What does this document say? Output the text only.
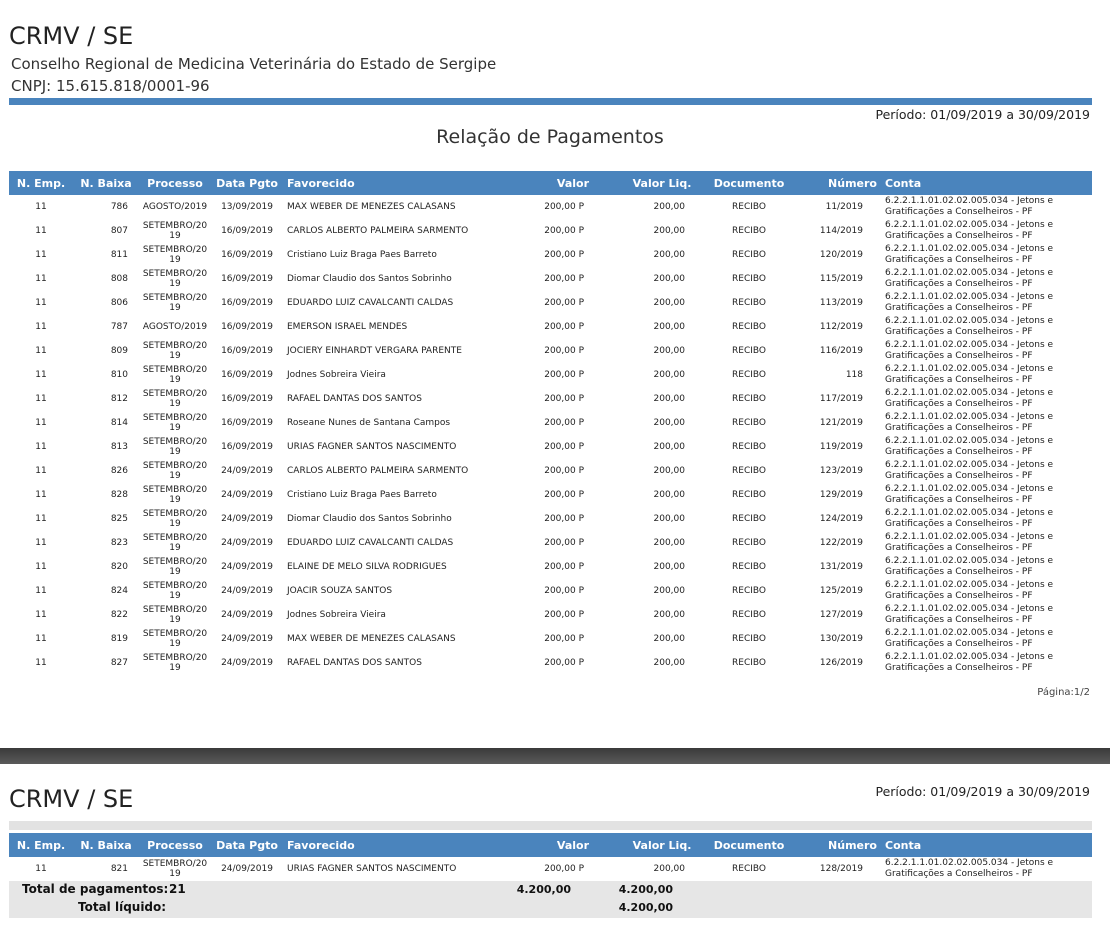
CRMV / SE
Conselho Regional de Medicina Veterinária do Estado de Sergipe
CNPJ: 15.615.818/0001-96
Período: 01/09/2019 a 30/09/2019
Relação de Pagamentos
N. Emp.	N. Baixa	Processo	Data Pgto	Favorecido	Valor	Valor Liq.	Documento	Número	Conta
11	786	AGOSTO/2019	13/09/2019	MAX WEBER DE MENEZES CALASANS	200,00 P	200,00	RECIBO	11/2019	6.2.2.1.1.01.02.02.005.034 - Jetons e Gratificações a Conselheiros - PF
11	807	SETEMBRO/2019	16/09/2019	CARLOS ALBERTO PALMEIRA SARMENTO	200,00 P	200,00	RECIBO	114/2019	6.2.2.1.1.01.02.02.005.034 - Jetons e Gratificações a Conselheiros - PF
11	811	SETEMBRO/2019	16/09/2019	Cristiano Luiz Braga Paes Barreto	200,00 P	200,00	RECIBO	120/2019	6.2.2.1.1.01.02.02.005.034 - Jetons e Gratificações a Conselheiros - PF
11	808	SETEMBRO/2019	16/09/2019	Diomar Claudio dos Santos Sobrinho	200,00 P	200,00	RECIBO	115/2019	6.2.2.1.1.01.02.02.005.034 - Jetons e Gratificações a Conselheiros - PF
11	806	SETEMBRO/2019	16/09/2019	EDUARDO LUIZ CAVALCANTI CALDAS	200,00 P	200,00	RECIBO	113/2019	6.2.2.1.1.01.02.02.005.034 - Jetons e Gratificações a Conselheiros - PF
11	787	AGOSTO/2019	16/09/2019	EMERSON ISRAEL MENDES	200,00 P	200,00	RECIBO	112/2019	6.2.2.1.1.01.02.02.005.034 - Jetons e Gratificações a Conselheiros - PF
11	809	SETEMBRO/2019	16/09/2019	JOCIERY EINHARDT VERGARA PARENTE	200,00 P	200,00	RECIBO	116/2019	6.2.2.1.1.01.02.02.005.034 - Jetons e Gratificações a Conselheiros - PF
11	810	SETEMBRO/2019	16/09/2019	Jodnes Sobreira Vieira	200,00 P	200,00	RECIBO	118	6.2.2.1.1.01.02.02.005.034 - Jetons e Gratificações a Conselheiros - PF
11	812	SETEMBRO/2019	16/09/2019	RAFAEL DANTAS DOS SANTOS	200,00 P	200,00	RECIBO	117/2019	6.2.2.1.1.01.02.02.005.034 - Jetons e Gratificações a Conselheiros - PF
11	814	SETEMBRO/2019	16/09/2019	Roseane Nunes de Santana Campos	200,00 P	200,00	RECIBO	121/2019	6.2.2.1.1.01.02.02.005.034 - Jetons e Gratificações a Conselheiros - PF
11	813	SETEMBRO/2019	16/09/2019	URIAS FAGNER SANTOS NASCIMENTO	200,00 P	200,00	RECIBO	119/2019	6.2.2.1.1.01.02.02.005.034 - Jetons e Gratificações a Conselheiros - PF
11	826	SETEMBRO/2019	24/09/2019	CARLOS ALBERTO PALMEIRA SARMENTO	200,00 P	200,00	RECIBO	123/2019	6.2.2.1.1.01.02.02.005.034 - Jetons e Gratificações a Conselheiros - PF
11	828	SETEMBRO/2019	24/09/2019	Cristiano Luiz Braga Paes Barreto	200,00 P	200,00	RECIBO	129/2019	6.2.2.1.1.01.02.02.005.034 - Jetons e Gratificações a Conselheiros - PF
11	825	SETEMBRO/2019	24/09/2019	Diomar Claudio dos Santos Sobrinho	200,00 P	200,00	RECIBO	124/2019	6.2.2.1.1.01.02.02.005.034 - Jetons e Gratificações a Conselheiros - PF
11	823	SETEMBRO/2019	24/09/2019	EDUARDO LUIZ CAVALCANTI CALDAS	200,00 P	200,00	RECIBO	122/2019	6.2.2.1.1.01.02.02.005.034 - Jetons e Gratificações a Conselheiros - PF
11	820	SETEMBRO/2019	24/09/2019	ELAINE DE MELO SILVA RODRIGUES	200,00 P	200,00	RECIBO	131/2019	6.2.2.1.1.01.02.02.005.034 - Jetons e Gratificações a Conselheiros - PF
11	824	SETEMBRO/2019	24/09/2019	JOACIR SOUZA SANTOS	200,00 P	200,00	RECIBO	125/2019	6.2.2.1.1.01.02.02.005.034 - Jetons e Gratificações a Conselheiros - PF
11	822	SETEMBRO/2019	24/09/2019	Jodnes Sobreira Vieira	200,00 P	200,00	RECIBO	127/2019	6.2.2.1.1.01.02.02.005.034 - Jetons e Gratificações a Conselheiros - PF
11	819	SETEMBRO/2019	24/09/2019	MAX WEBER DE MENEZES CALASANS	200,00 P	200,00	RECIBO	130/2019	6.2.2.1.1.01.02.02.005.034 - Jetons e Gratificações a Conselheiros - PF
11	827	SETEMBRO/2019	24/09/2019	RAFAEL DANTAS DOS SANTOS	200,00 P	200,00	RECIBO	126/2019	6.2.2.1.1.01.02.02.005.034 - Jetons e Gratificações a Conselheiros - PF
Página:1/2
Período: 01/09/2019 a 30/09/2019
CRMV / SE
N. Emp.	N. Baixa	Processo	Data Pgto	Favorecido	Valor	Valor Liq.	Documento	Número	Conta
11	821	SETEMBRO/2019	24/09/2019	URIAS FAGNER SANTOS NASCIMENTO	200,00 P	200,00	RECIBO	128/2019	6.2.2.1.1.01.02.02.005.034 - Jetons e Gratificações a Conselheiros - PF
Total de pagamentos: 21	4.200,00	4.200,00
Total líquido:	4.200,00
